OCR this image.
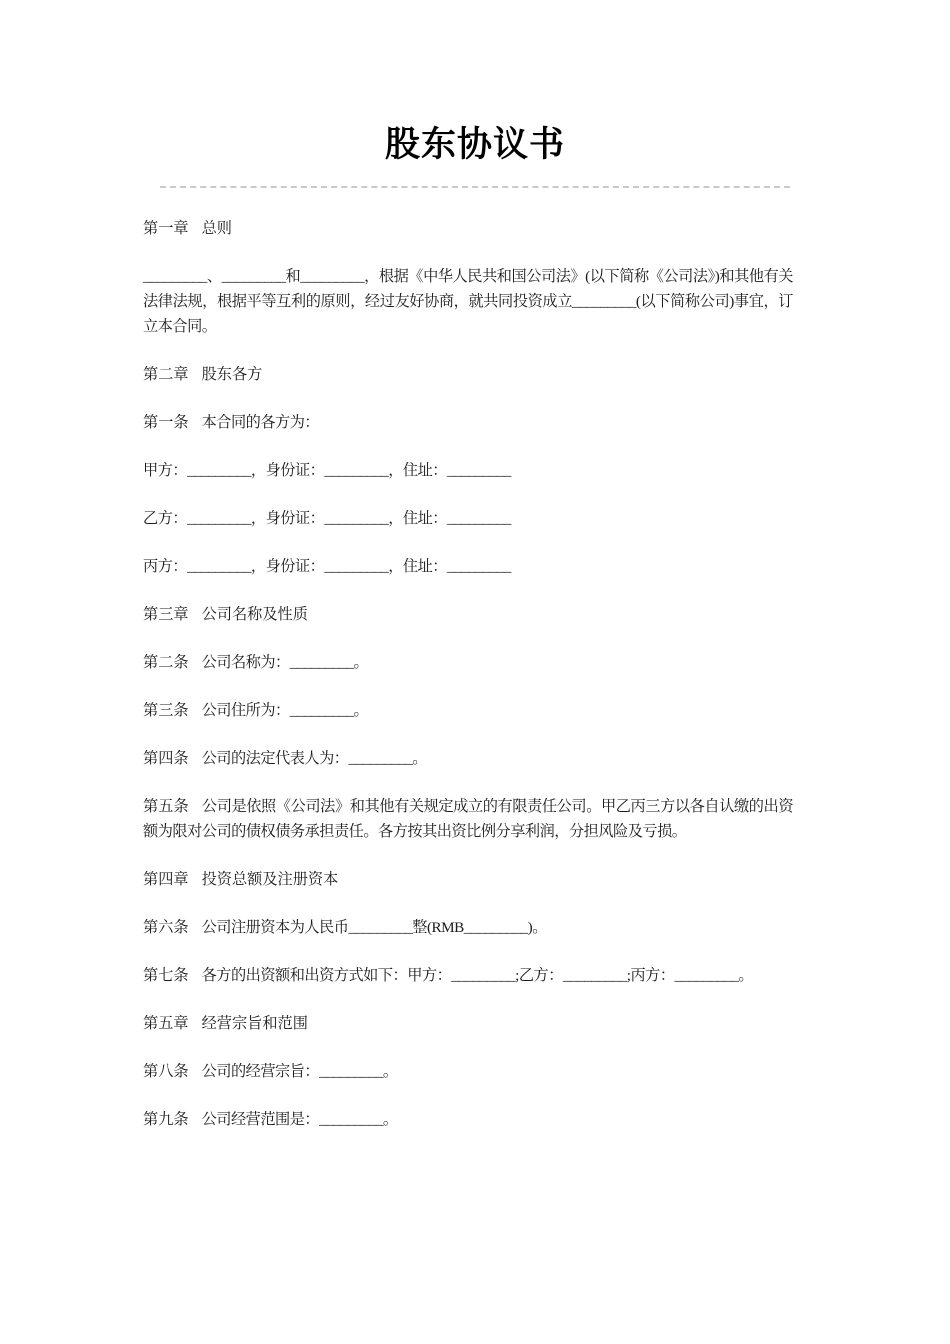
股东协议书

第一章 总则

_________、_________和_________，根据《中华人民共和国公司法》(以下简称《公司法》)和其他有关法律法规，根据平等互利的原则，经过友好协商，就共同投资成立_________(以下简称公司)事宜，订立本合同。

第二章 股东各方

第一条 本合同的各方为：

甲方：_________，身份证：_________，住址：_________

乙方：_________，身份证：_________，住址：_________

丙方：_________，身份证：_________，住址：_________

第三章 公司名称及性质

第二条 公司名称为：_________。

第三条 公司住所为：_________。

第四条 公司的法定代表人为：_________。

第五条 公司是依照《公司法》和其他有关规定成立的有限责任公司。甲乙丙三方以各自认缴的出资额为限对公司的债权债务承担责任。各方按其出资比例分享利润，分担风险及亏损。

第四章 投资总额及注册资本

第六条 公司注册资本为人民币_________整(RMB_________)。

第七条 各方的出资额和出资方式如下：甲方：_________;乙方：_________;丙方：_________。

第五章 经营宗旨和范围

第八条 公司的经营宗旨：_________。

第九条 公司经营范围是：_________。
